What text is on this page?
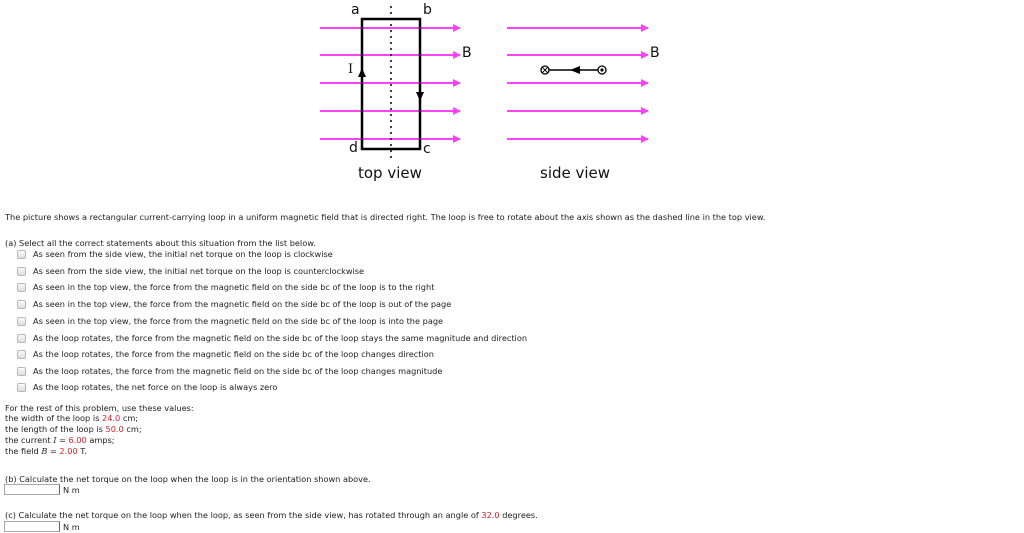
a	b
d	c
I
B	B
top view	side view
The picture shows a rectangular current-carrying loop in a uniform magnetic field that is directed right. The loop is free to rotate about the axis shown as the dashed line in the top view.
(a) Select all the correct statements about this situation from the list below.
As seen from the side view, the initial net torque on the loop is clockwise
As seen from the side view, the initial net torque on the loop is counterclockwise
As seen in the top view, the force from the magnetic field on the side bc of the loop is to the right
As seen in the top view, the force from the magnetic field on the side bc of the loop is out of the page
As seen in the top view, the force from the magnetic field on the side bc of the loop is into the page
As the loop rotates, the force from the magnetic field on the side bc of the loop stays the same magnitude and direction
As the loop rotates, the force from the magnetic field on the side bc of the loop changes direction
As the loop rotates, the force from the magnetic field on the side bc of the loop changes magnitude
As the loop rotates, the net force on the loop is always zero
For the rest of this problem, use these values:
the width of the loop is 24.0 cm;
the length of the loop is 50.0 cm;
the current I = 6.00 amps;
the field B = 2.00 T.
(b) Calculate the net torque on the loop when the loop is in the orientation shown above.
N m
(c) Calculate the net torque on the loop when the loop, as seen from the side view, has rotated through an angle of 32.0 degrees.
N m
